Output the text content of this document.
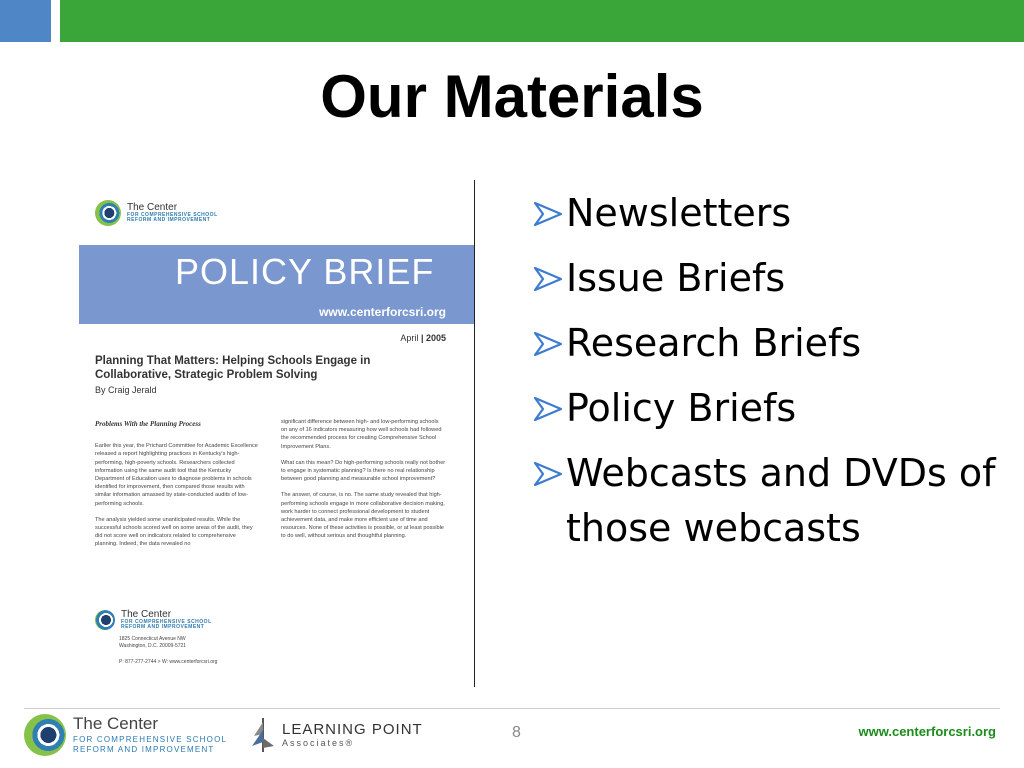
Our Materials
The Center
FOR COMPREHENSIVE SCHOOL
REFORM AND IMPROVEMENT
POLICY BRIEF
www.centerforcsri.org
April | 2005
Planning That Matters: Helping Schools Engage in Collaborative, Strategic Problem Solving
By Craig Jerald
Problems With the Planning Process

Earlier this year, the Prichard Committee for Academic Excellence released a report highlighting practices in Kentucky's high-performing, high-poverty schools. Researchers collected information using the same audit tool that the Kentucky Department of Education uses to diagnose problems in schools identified for improvement, then compared those results with similar information amassed by state-conducted audits of low-performing schools.

The analysis yielded some unanticipated results. While the successful schools scored well on some areas of the audit, they did not score well on indicators related to comprehensive planning. Indeed, the data revealed no

significant difference between high- and low-performing schools on any of 16 indicators measuring how well schools had followed the recommended process for creating Comprehensive School Improvement Plans.

What can this mean? Do high-performing schools really not bother to engage in systematic planning? Is there no real relationship between good planning and measurable school improvement?

The answer, of course, is no. The same study revealed that high-performing schools engage in more collaborative decision making, work harder to connect professional development to student achievement data, and make more efficient use of time and resources. None of these activities is possible, or at least possible to do well, without serious and thoughtful planning.

The Center
FOR COMPREHENSIVE SCHOOL
REFORM AND IMPROVEMENT
1825 Connecticut Avenue NW
Washington, D.C. 20009-5721
P: 877-277-2744 > W: www.centerforcsri.org
Newsletters
Issue Briefs
Research Briefs
Policy Briefs
Webcasts and DVDs of those webcasts
The Center
FOR COMPREHENSIVE SCHOOL
REFORM AND IMPROVEMENT
LEARNING POINT
Associates®
8	www.centerforcsri.org
